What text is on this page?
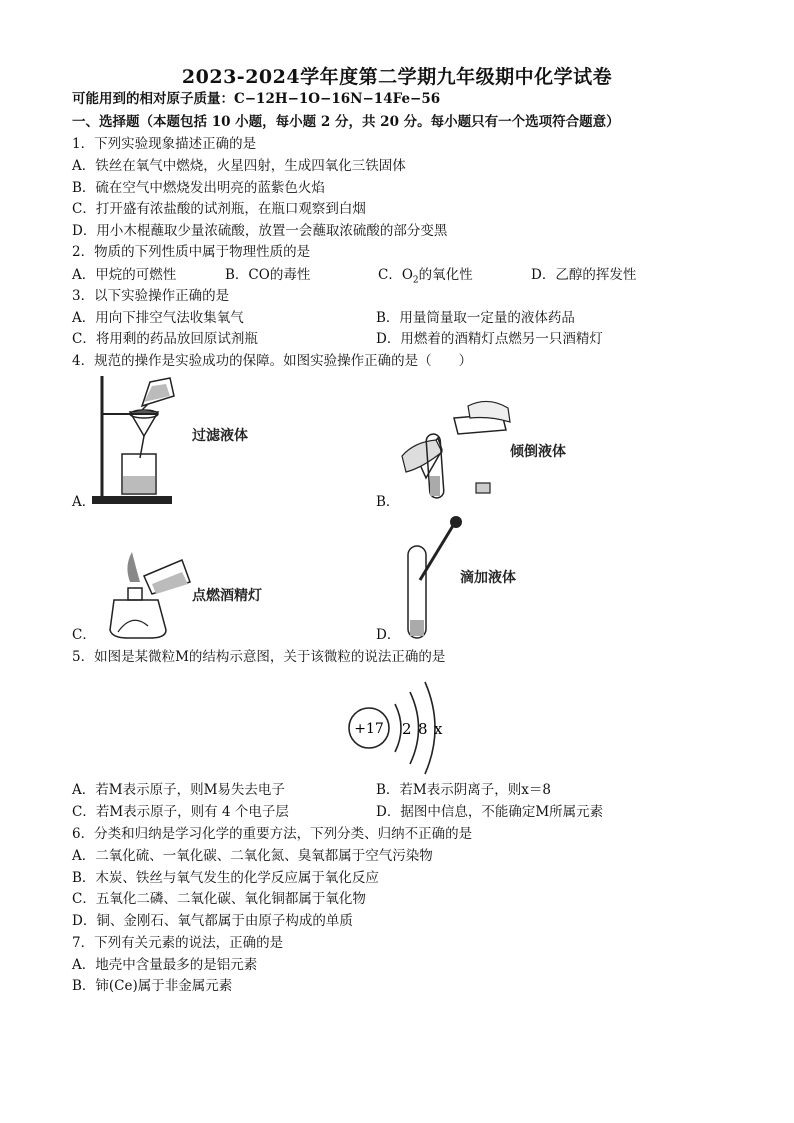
2023-2024学年度第二学期九年级期中化学试卷
可能用到的相对原子质量：C−12H−1O−16N−14Fe−56
一、选择题（本题包括 10 小题，每小题 2 分，共 20 分。每小题只有一个选项符合题意）
1．下列实验现象描述正确的是
A．铁丝在氧气中燃烧，火星四射，生成四氧化三铁固体
B．硫在空气中燃烧发出明亮的蓝紫色火焰
C．打开盛有浓盐酸的试剂瓶，在瓶口观察到白烟
D．用小木棍蘸取少量浓硫酸，放置一会蘸取浓硫酸的部分变黑
2．物质的下列性质中属于物理性质的是
A．甲烷的可燃性	B．CO的毒性	C．$O_2$的氧化性	D．乙醇的挥发性
3．以下实验操作正确的是
A．用向下排空气法收集氧气	B．用量筒量取一定量的液体药品
C．将用剩的药品放回原试剂瓶	D．用燃着的酒精灯点燃另一只酒精灯
4．规范的操作是实验成功的保障。如图实验操作正确的是（　　）
过滤液体
A．
倾倒液体
B．
点燃酒精灯
C．
滴加液体
D．
5．如图是某微粒M的结构示意图，关于该微粒的说法正确的是
+17 2 8 x
A．若M表示原子，则M易失去电子	B．若M表示阴离子，则x＝8
C．若M表示原子，则有 4 个电子层	D．据图中信息，不能确定M所属元素
6．分类和归纳是学习化学的重要方法，下列分类、归纳不正确的是
A．二氧化硫、一氧化碳、二氧化氮、臭氧都属于空气污染物
B．木炭、铁丝与氧气发生的化学反应属于氧化反应
C．五氧化二磷、二氧化碳、氧化铜都属于氧化物
D．铜、金刚石、氧气都属于由原子构成的单质
7．下列有关元素的说法，正确的是
A．地壳中含量最多的是铝元素
B．铈(Ce)属于非金属元素
